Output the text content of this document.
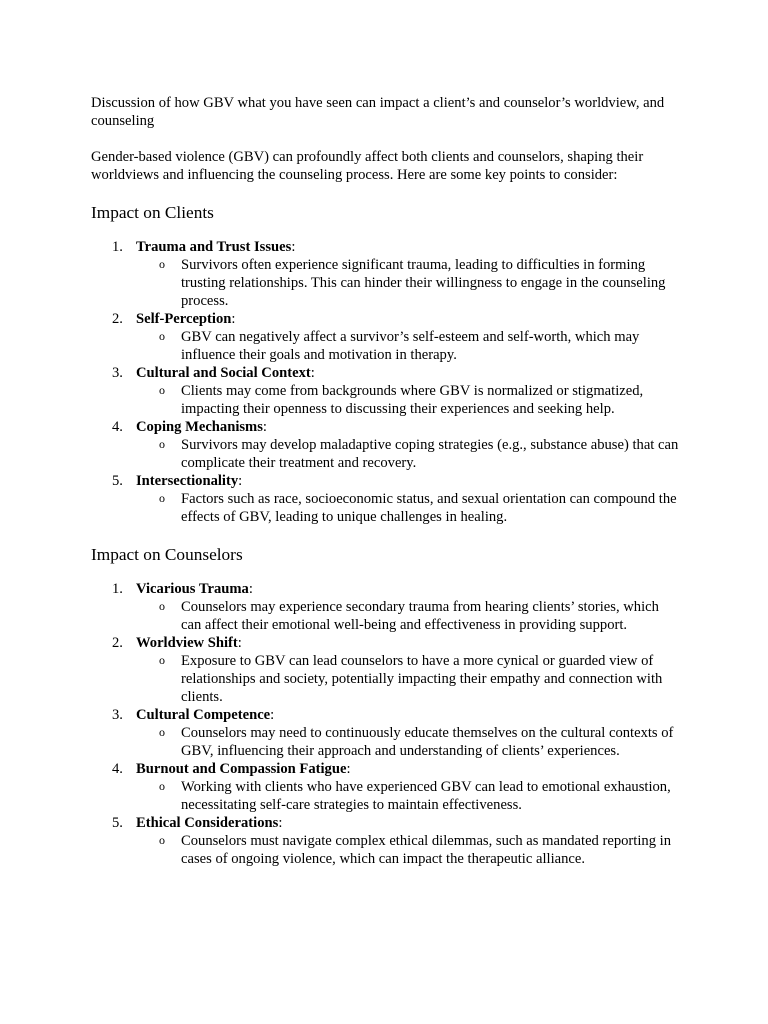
Discussion of how GBV what you have seen can impact a client’s and counselor’s worldview, and counseling

Gender-based violence (GBV) can profoundly affect both clients and counselors, shaping their worldviews and influencing the counseling process. Here are some key points to consider:

Impact on Clients
1. Trauma and Trust Issues:
o Survivors often experience significant trauma, leading to difficulties in forming trusting relationships. This can hinder their willingness to engage in the counseling process.
2. Self-Perception:
o GBV can negatively affect a survivor’s self-esteem and self-worth, which may influence their goals and motivation in therapy.
3. Cultural and Social Context:
o Clients may come from backgrounds where GBV is normalized or stigmatized, impacting their openness to discussing their experiences and seeking help.
4. Coping Mechanisms:
o Survivors may develop maladaptive coping strategies (e.g., substance abuse) that can complicate their treatment and recovery.
5. Intersectionality:
o Factors such as race, socioeconomic status, and sexual orientation can compound the effects of GBV, leading to unique challenges in healing.
Impact on Counselors
1. Vicarious Trauma:
o Counselors may experience secondary trauma from hearing clients’ stories, which can affect their emotional well-being and effectiveness in providing support.
2. Worldview Shift:
o Exposure to GBV can lead counselors to have a more cynical or guarded view of relationships and society, potentially impacting their empathy and connection with clients.
3. Cultural Competence:
o Counselors may need to continuously educate themselves on the cultural contexts of GBV, influencing their approach and understanding of clients’ experiences.
4. Burnout and Compassion Fatigue:
o Working with clients who have experienced GBV can lead to emotional exhaustion, necessitating self-care strategies to maintain effectiveness.
5. Ethical Considerations:
o Counselors must navigate complex ethical dilemmas, such as mandated reporting in cases of ongoing violence, which can impact the therapeutic alliance.
